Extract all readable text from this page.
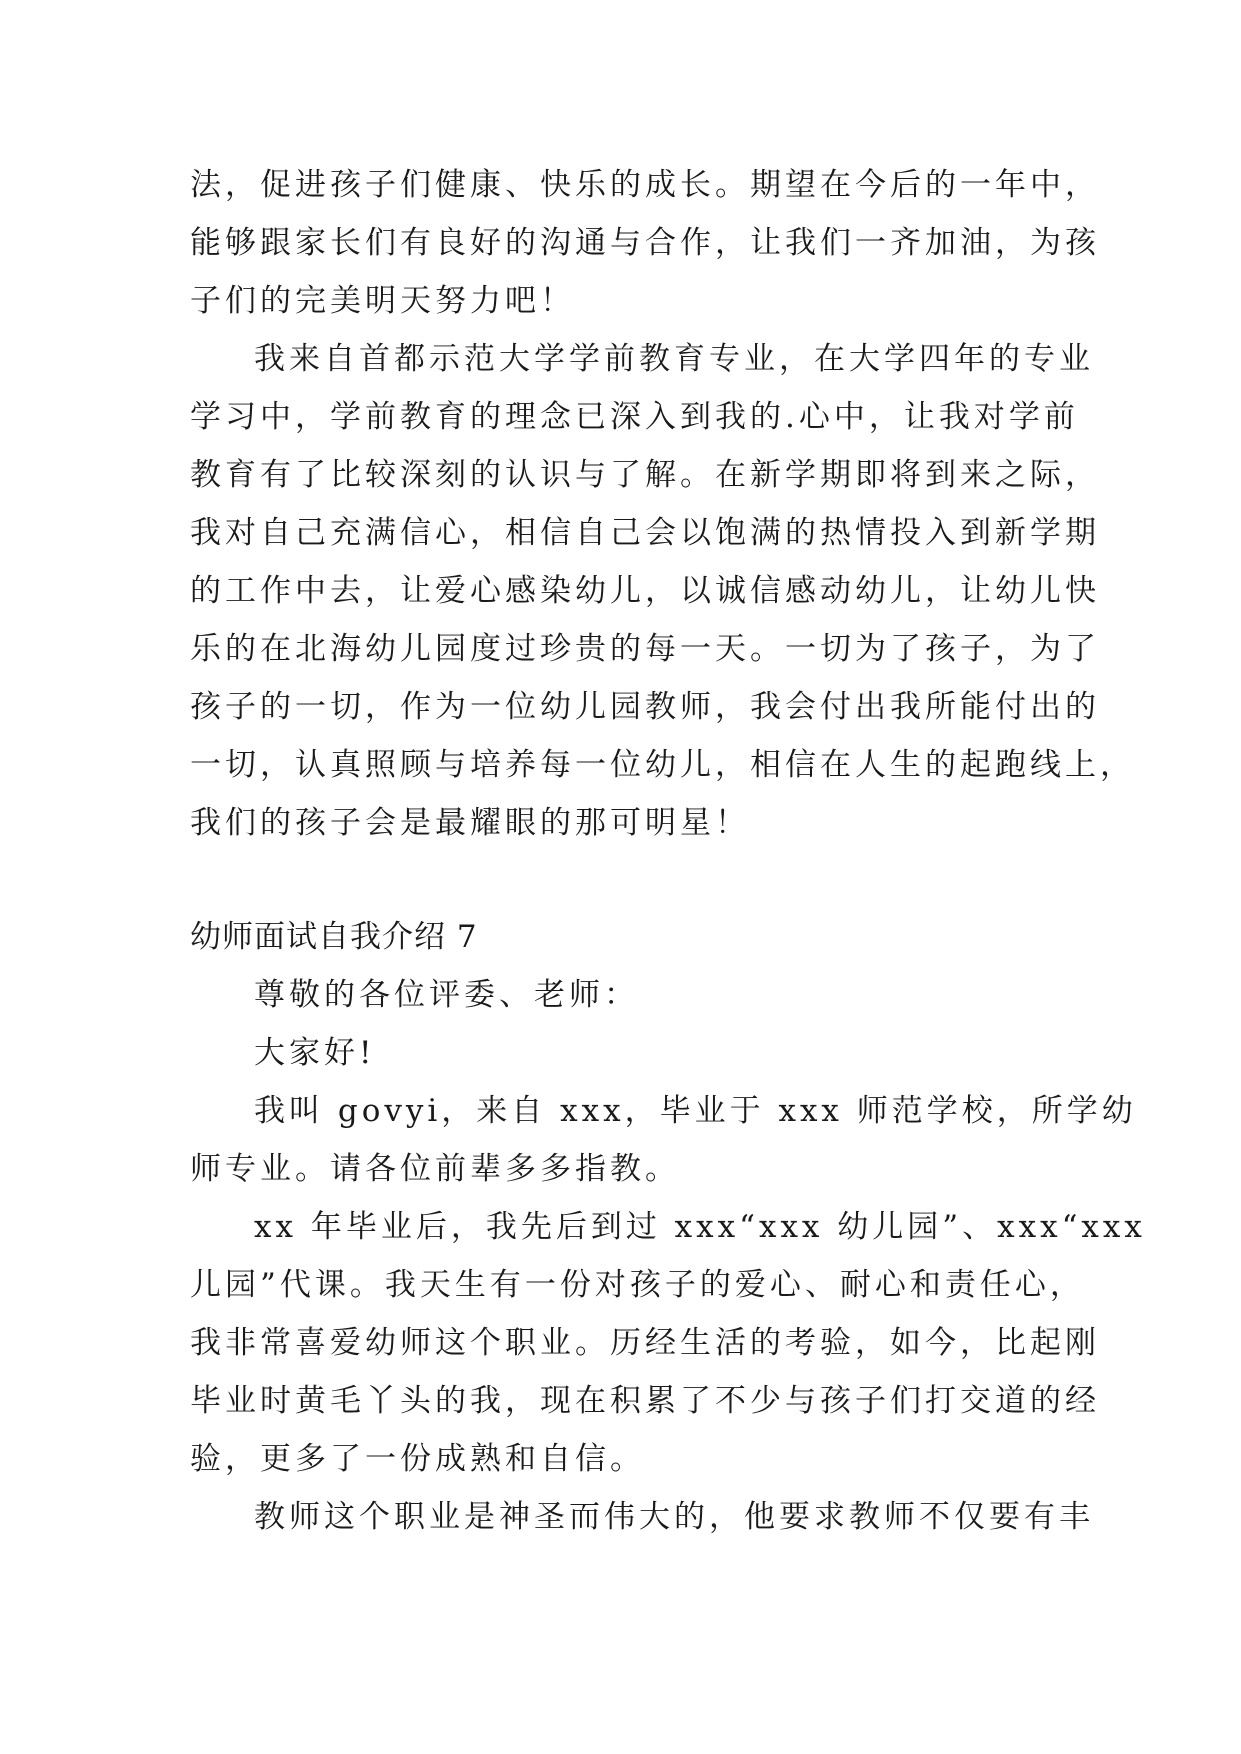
法，促进孩子们健康、快乐的成长。期望在今后的一年中，
能够跟家长们有良好的沟通与合作，让我们一齐加油，为孩
子们的完美明天努力吧！
我来自首都示范大学学前教育专业，在大学四年的专业
学习中，学前教育的理念已深入到我的.心中，让我对学前
教育有了比较深刻的认识与了解。在新学期即将到来之际，
我对自己充满信心，相信自己会以饱满的热情投入到新学期
的工作中去，让爱心感染幼儿，以诚信感动幼儿，让幼儿快
乐的在北海幼儿园度过珍贵的每一天。一切为了孩子，为了
孩子的一切，作为一位幼儿园教师，我会付出我所能付出的
一切，认真照顾与培养每一位幼儿，相信在人生的起跑线上，
我们的孩子会是最耀眼的那可明星！
幼师面试自我介绍 7
尊敬的各位评委、老师：
大家好!
我叫 govyi，来自 xxx，毕业于 xxx 师范学校，所学幼
师专业。请各位前辈多多指教。
xx 年毕业后，我先后到过 xxx“xxx 幼儿园”、xxx“xxx
儿园”代课。我天生有一份对孩子的爱心、耐心和责任心，
我非常喜爱幼师这个职业。历经生活的考验，如今，比起刚
毕业时黄毛丫头的我，现在积累了不少与孩子们打交道的经
验，更多了一份成熟和自信。
教师这个职业是神圣而伟大的，他要求教师不仅要有丰
